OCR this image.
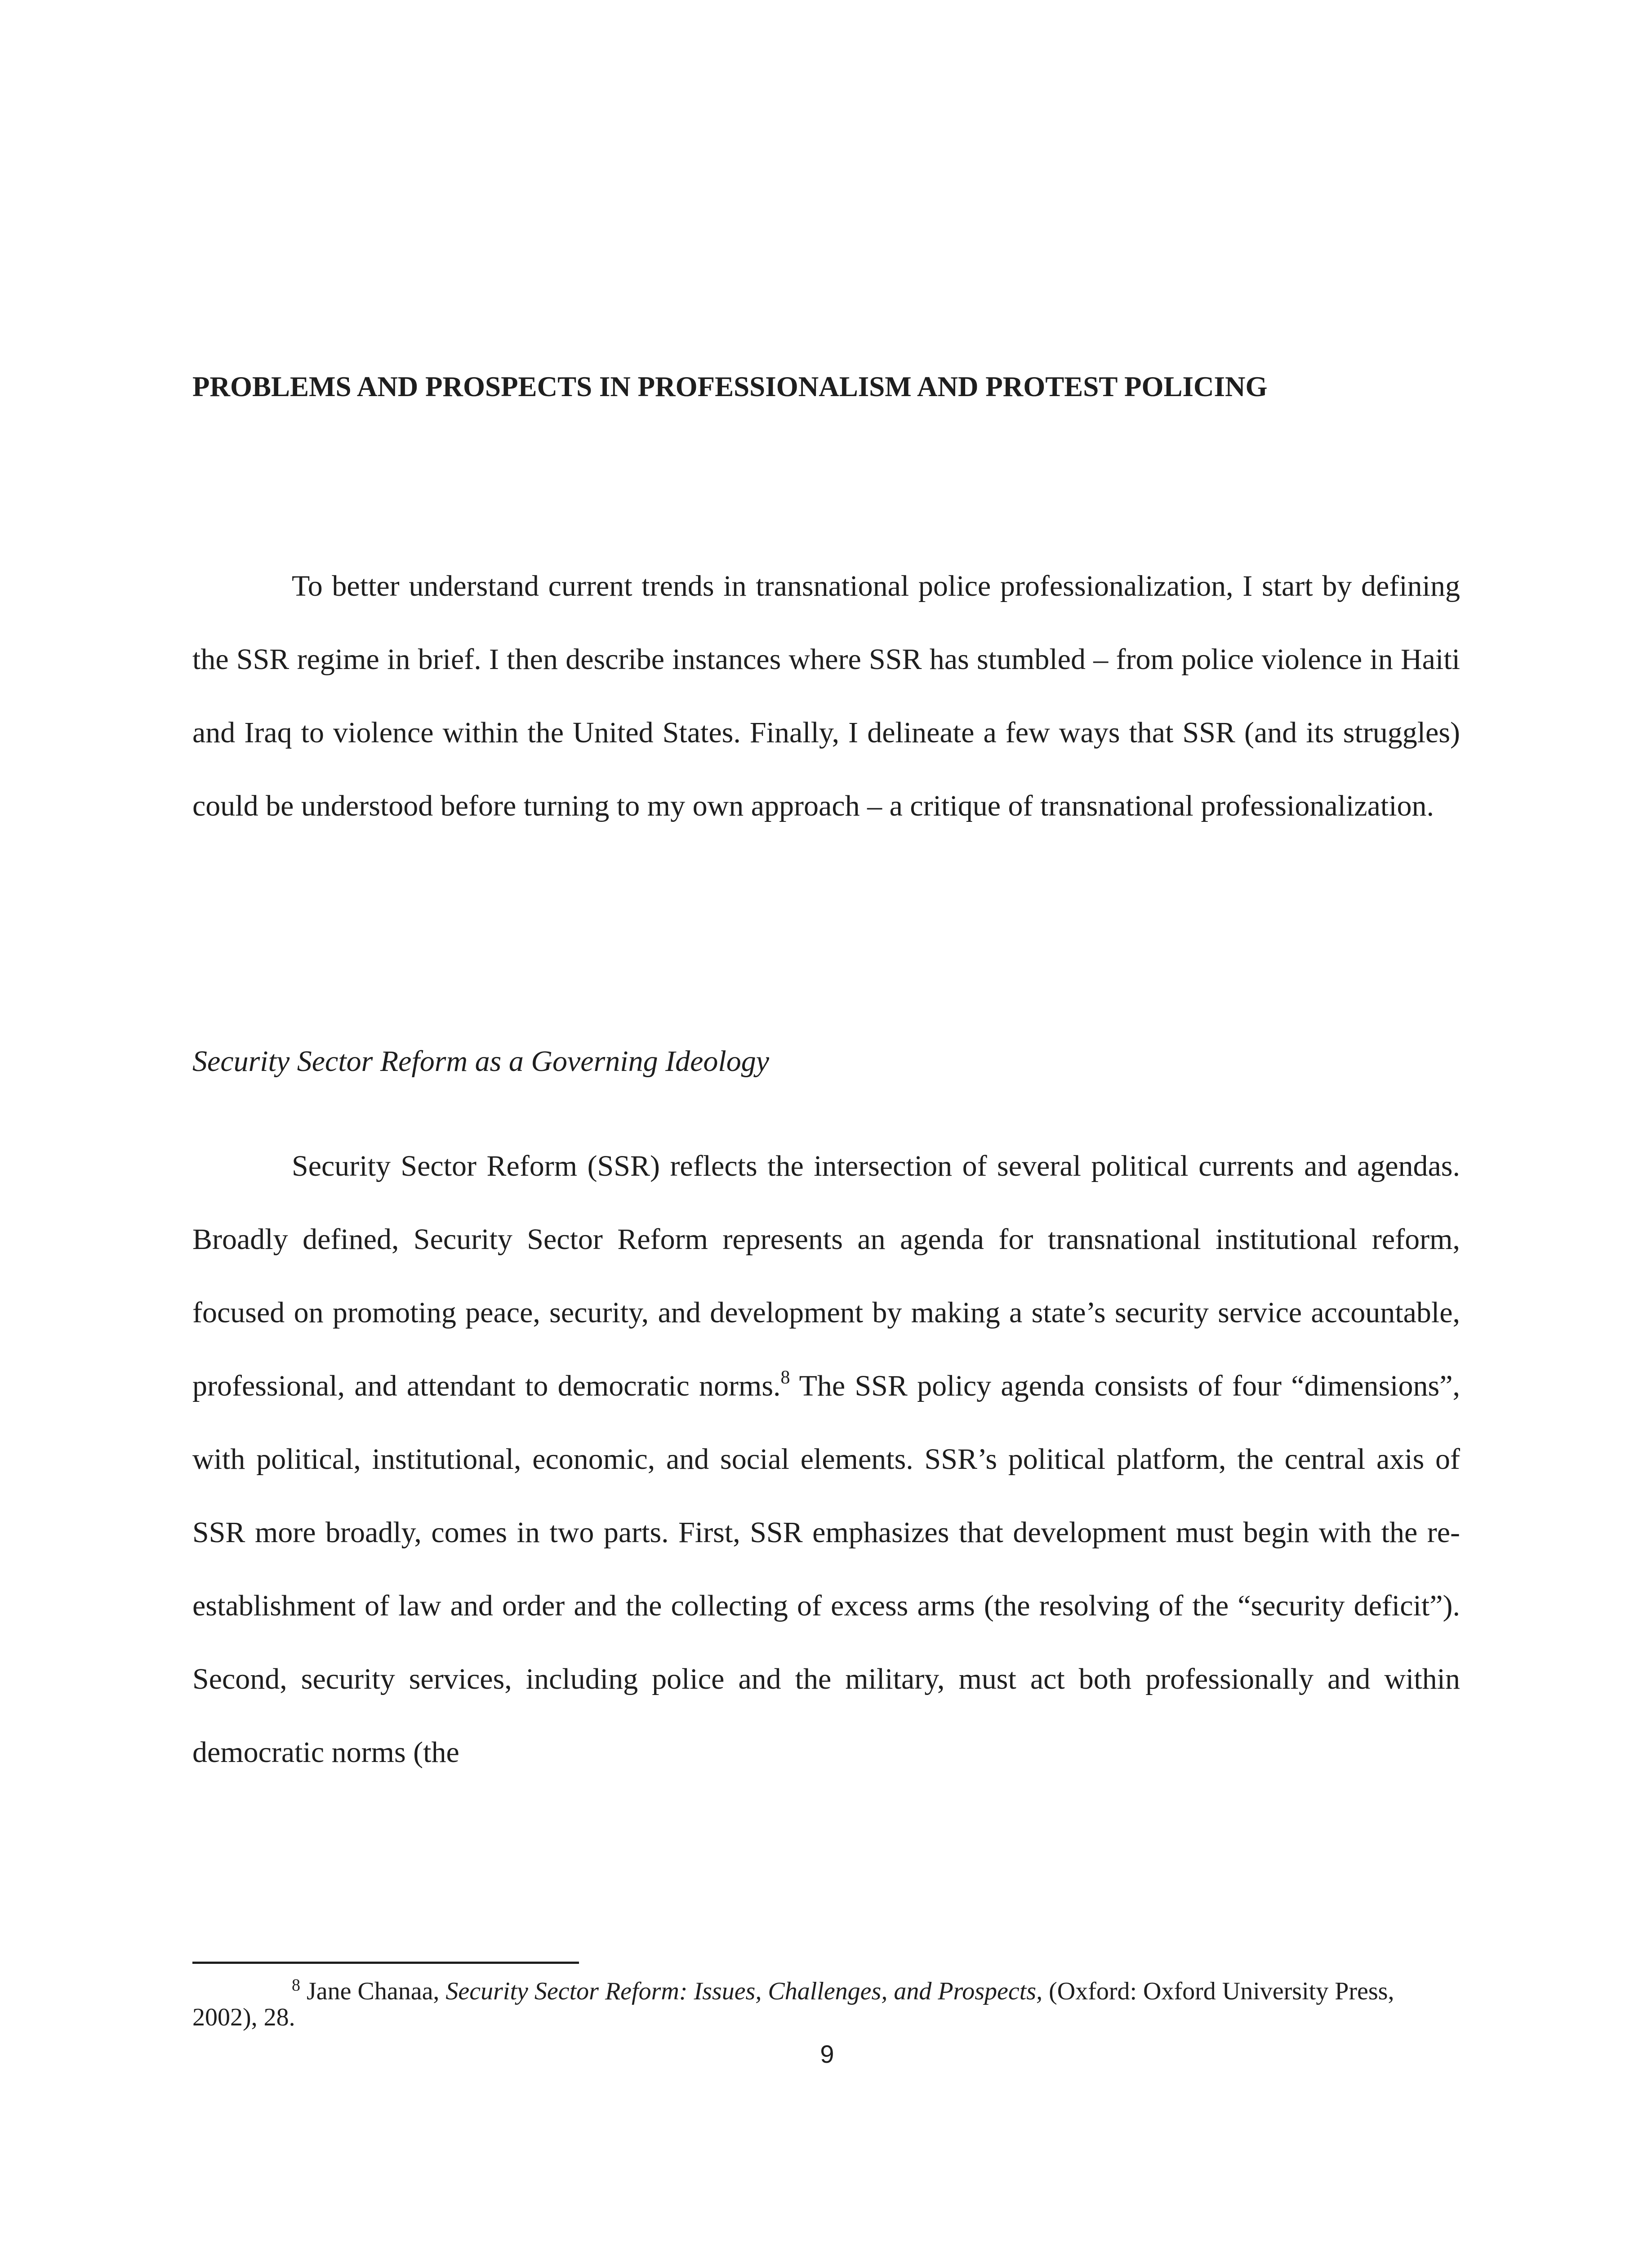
PROBLEMS AND PROSPECTS IN PROFESSIONALISM AND PROTEST POLICING

To better understand current trends in transnational police professionalization, I start by defining the SSR regime in brief. I then describe instances where SSR has stumbled – from police violence in Haiti and Iraq to violence within the United States. Finally, I delineate a few ways that SSR (and its struggles) could be understood before turning to my own approach – a critique of transnational professionalization.

Security Sector Reform as a Governing Ideology

Security Sector Reform (SSR) reflects the intersection of several political currents and agendas. Broadly defined, Security Sector Reform represents an agenda for transnational institutional reform, focused on promoting peace, security, and development by making a state’s security service accountable, professional, and attendant to democratic norms.$^8$ The SSR policy agenda consists of four “dimensions”, with political, institutional, economic, and social elements. SSR’s political platform, the central axis of SSR more broadly, comes in two parts. First, SSR emphasizes that development must begin with the re-establishment of law and order and the collecting of excess arms (the resolving of the “security deficit”). Second, security services, including police and the military, must act both professionally and within democratic norms (the

$^8$ Jane Chanaa, Security Sector Reform: Issues, Challenges, and Prospects, (Oxford: Oxford University Press, 2002), 28.

9
